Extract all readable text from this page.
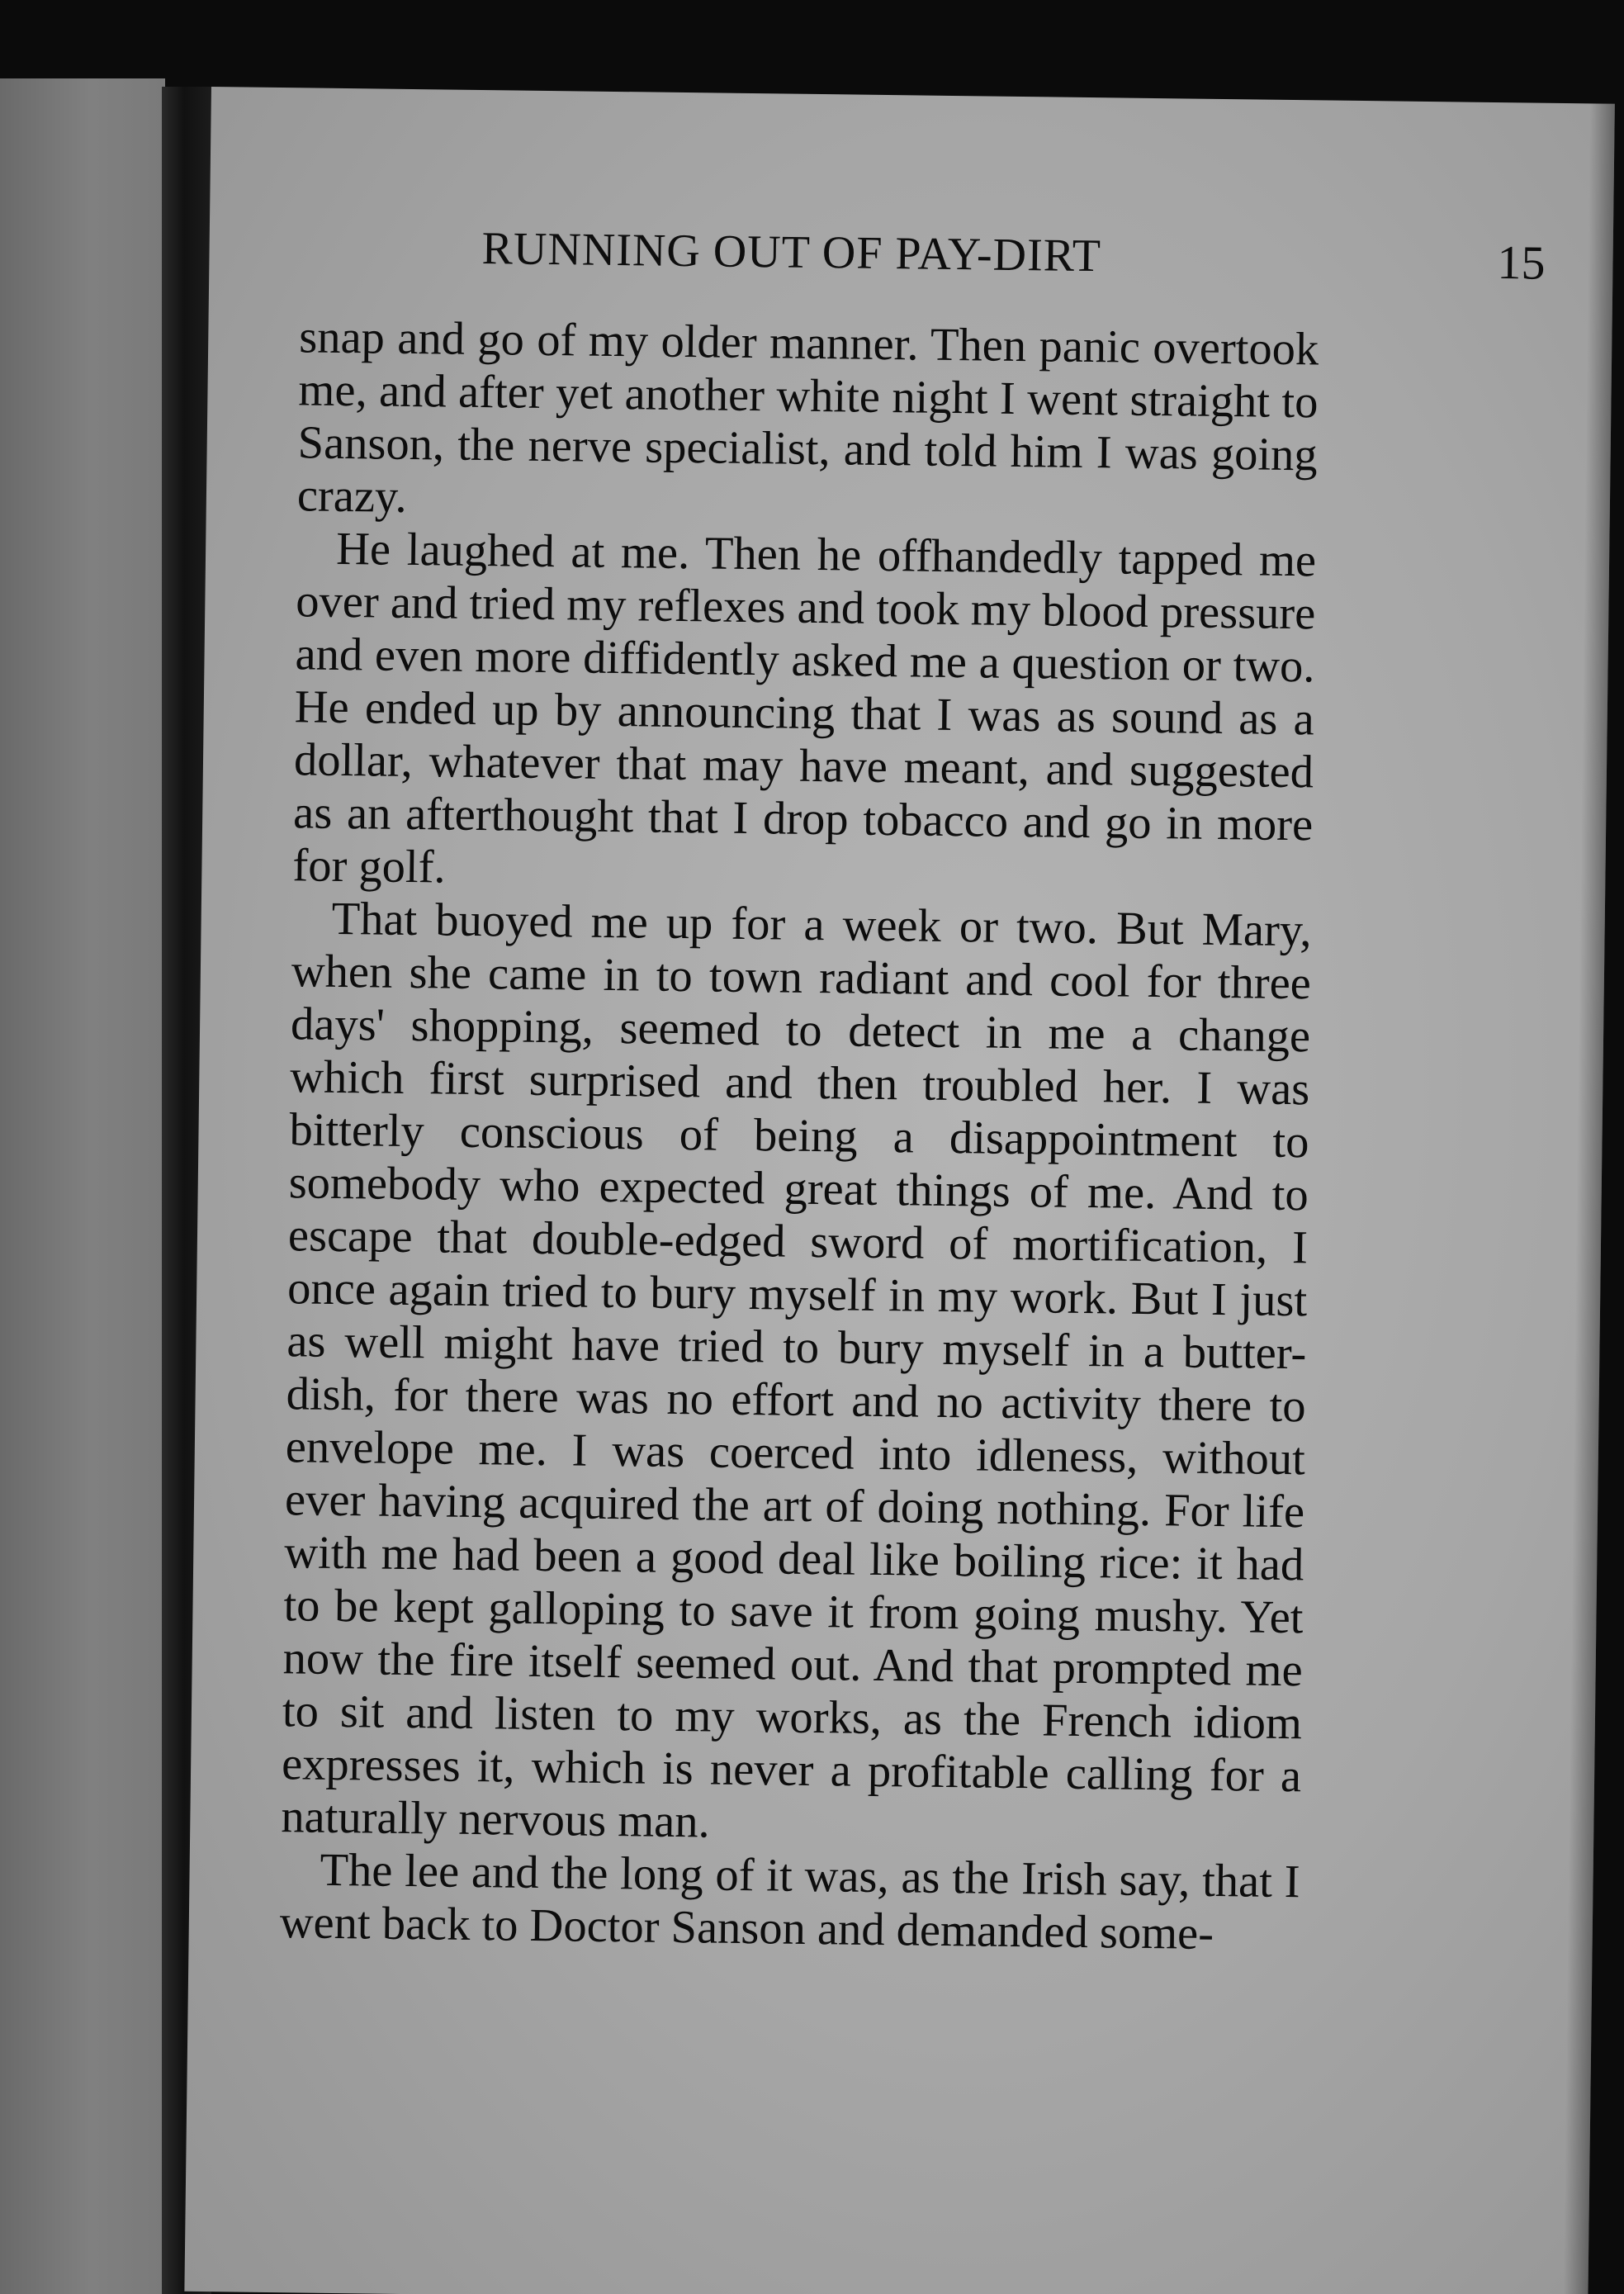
RUNNING OUT OF PAY-DIRT	15

snap and go of my older manner. Then panic overtook me, and after yet another white night I went straight to Sanson, the nerve specialist, and told him I was going crazy.

He laughed at me. Then he offhandedly tapped me over and tried my reflexes and took my blood pressure and even more diffidently asked me a question or two. He ended up by announcing that I was as sound as a dollar, whatever that may have meant, and suggested as an afterthought that I drop tobacco and go in more for golf.

That buoyed me up for a week or two. But Mary, when she came in to town radiant and cool for three days' shopping, seemed to detect in me a change which first surprised and then troubled her. I was bitterly conscious of being a disappointment to somebody who expected great things of me. And to escape that double-edged sword of mortification, I once again tried to bury myself in my work. But I just as well might have tried to bury myself in a butter-dish, for there was no effort and no activity there to envelope me. I was coerced into idleness, without ever having acquired the art of doing nothing. For life with me had been a good deal like boiling rice: it had to be kept galloping to save it from going mushy. Yet now the fire itself seemed out. And that prompted me to sit and listen to my works, as the French idiom expresses it, which is never a profitable calling for a naturally nervous man.

The lee and the long of it was, as the Irish say, that I went back to Doctor Sanson and demanded some-
